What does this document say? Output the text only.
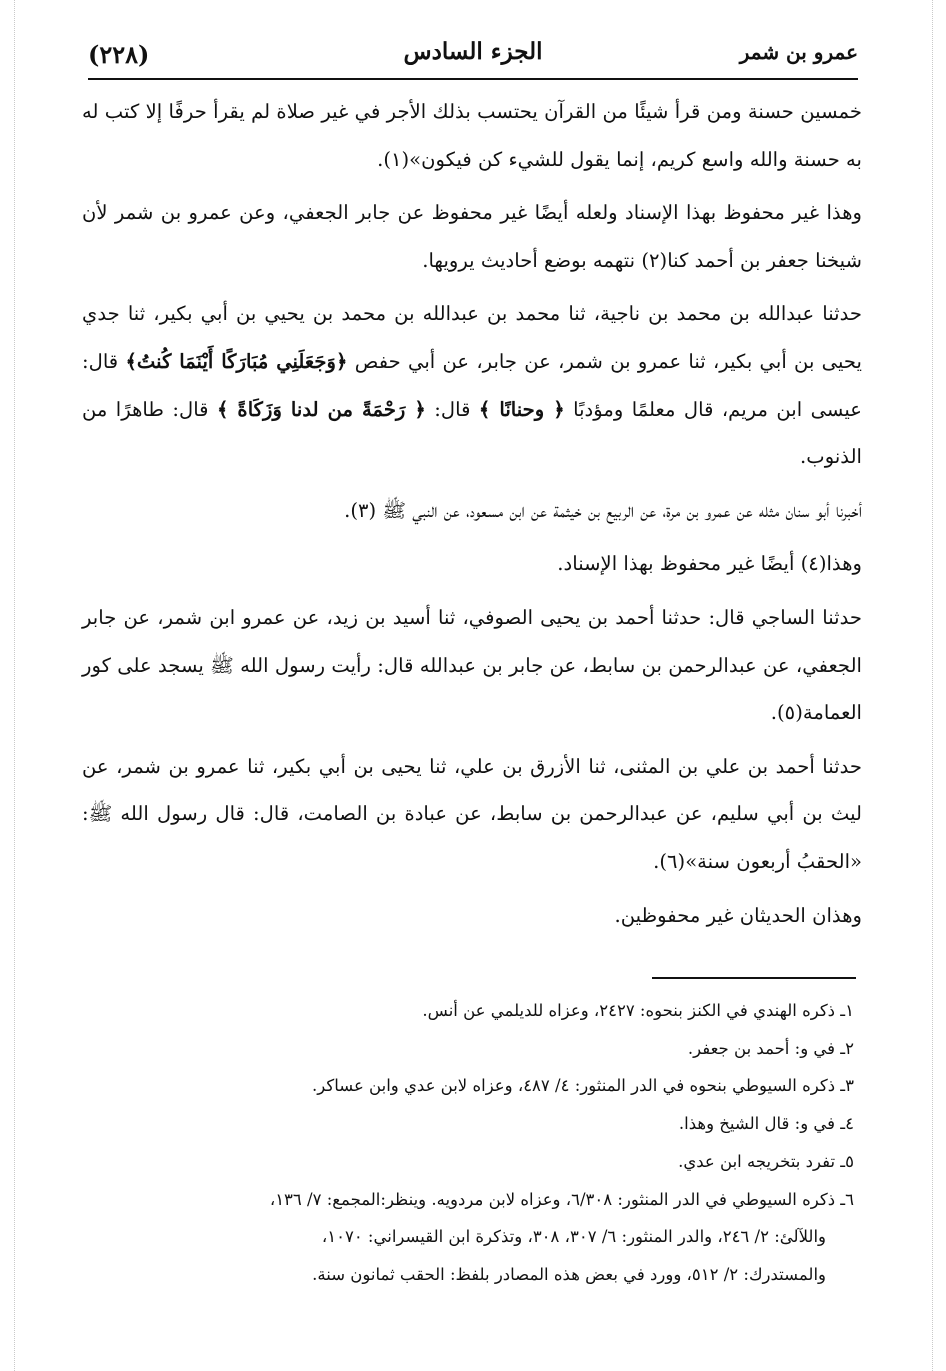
(٢٢٨)	الجزء السادس	عمرو بن شمر

خمسين حسنة ومن قرأ شيئًا من القرآن يحتسب بذلك الأجر في غير صلاة لم يقرأ حرفًا إلا كتب له به حسنة والله واسع كريم، إنما يقول للشيء كن فيكون»(١).

وهذا غير محفوظ بهذا الإسناد ولعله أيضًا غير محفوظ عن جابر الجعفي، وعن عمرو بن شمر لأن شيخنا جعفر بن أحمد كنا(٢) نتهمه بوضع أحاديث يرويها.

حدثنا عبدالله بن محمد بن ناجية، ثنا محمد بن عبدالله بن محمد بن يحيي بن أبي بكير، ثنا جدي يحيى بن أبي بكير، ثنا عمرو بن شمر، عن جابر، عن أبي حفص ﴿وَجَعَلَنِي مُبَارَكًا أَيْنَمَا كُنتُ﴾ قال: عيسى ابن مريم، قال معلمًا ومؤدبًا ﴿ وحنانًا ﴾ قال: ﴿ رَحْمَةً من لدنا وَزَكَاةً ﴾ قال: طاهرًا من الذنوب.

أخبرنا أبو سنان مثله عن عمرو بن مرة، عن الربيع بن خيثمة عن ابن مسعود، عن النبي ﷺ (٣).

وهذا(٤) أيضًا غير محفوظ بهذا الإسناد.

حدثنا الساجي قال: حدثنا أحمد بن يحيى الصوفي، ثنا أسيد بن زيد، عن عمرو ابن شمر، عن جابر الجعفي، عن عبدالرحمن بن سابط، عن جابر بن عبدالله قال: رأيت رسول الله ﷺ يسجد على كور العمامة(٥).

حدثنا أحمد بن علي بن المثنى، ثنا الأزرق بن علي، ثنا يحيى بن أبي بكير، ثنا عمرو بن شمر، عن ليث بن أبي سليم، عن عبدالرحمن بن سابط، عن عبادة بن الصامت، قال: قال رسول الله ﷺ: «الحقبُ أربعون سنة»(٦).

وهذان الحديثان غير محفوظين.

١ـ ذكره الهندي في الكنز بنحوه: ٢٤٢٧، وعزاه للديلمي عن أنس.

٢ـ في و: أحمد بن جعفر.

٣ـ ذكره السيوطي بنحوه في الدر المنثور: ٤/ ٤٨٧، وعزاه لابن عدي وابن عساكر.

٤ـ في و: قال الشيخ وهذا.

٥ـ تفرد بتخريجه ابن عدي.

٦ـ ذكره السيوطي في الدر المنثور: ٦/٣٠٨، وعزاه لابن مردويه. وينظر:المجمع: ٧/ ١٣٦،

واللآلئ: ٢/ ٢٤٦، والدر المنثور: ٦/ ٣٠٧، ٣٠٨، وتذكرة ابن القيسراني: ١٠٧٠،

والمستدرك: ٢/ ٥١٢، وورد في بعض هذه المصادر بلفظ: الحقب ثمانون سنة.
